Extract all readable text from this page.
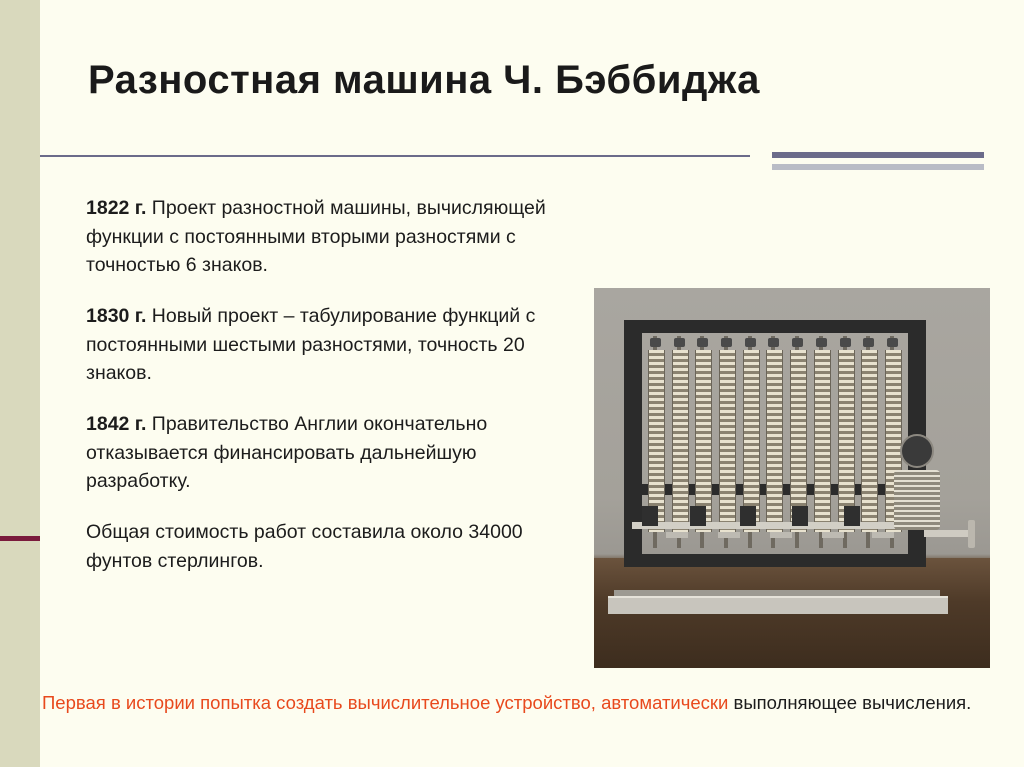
Разностная машина Ч. Бэббиджа

1822 г. Проект разностной машины, вычисляющей функции с постоянными вторыми разностями с точностью 6 знаков.

1830 г. Новый проект – табулирование функций с постоянными шестыми разностями, точность 20 знаков.

1842 г. Правительство Англии окончательно отказывается финансировать дальнейшую разработку.

Общая стоимость работ составила около 34000 фунтов стерлингов.

Первая в истории попытка создать вычислительное устройство, автоматически выполняющее вычисления.
